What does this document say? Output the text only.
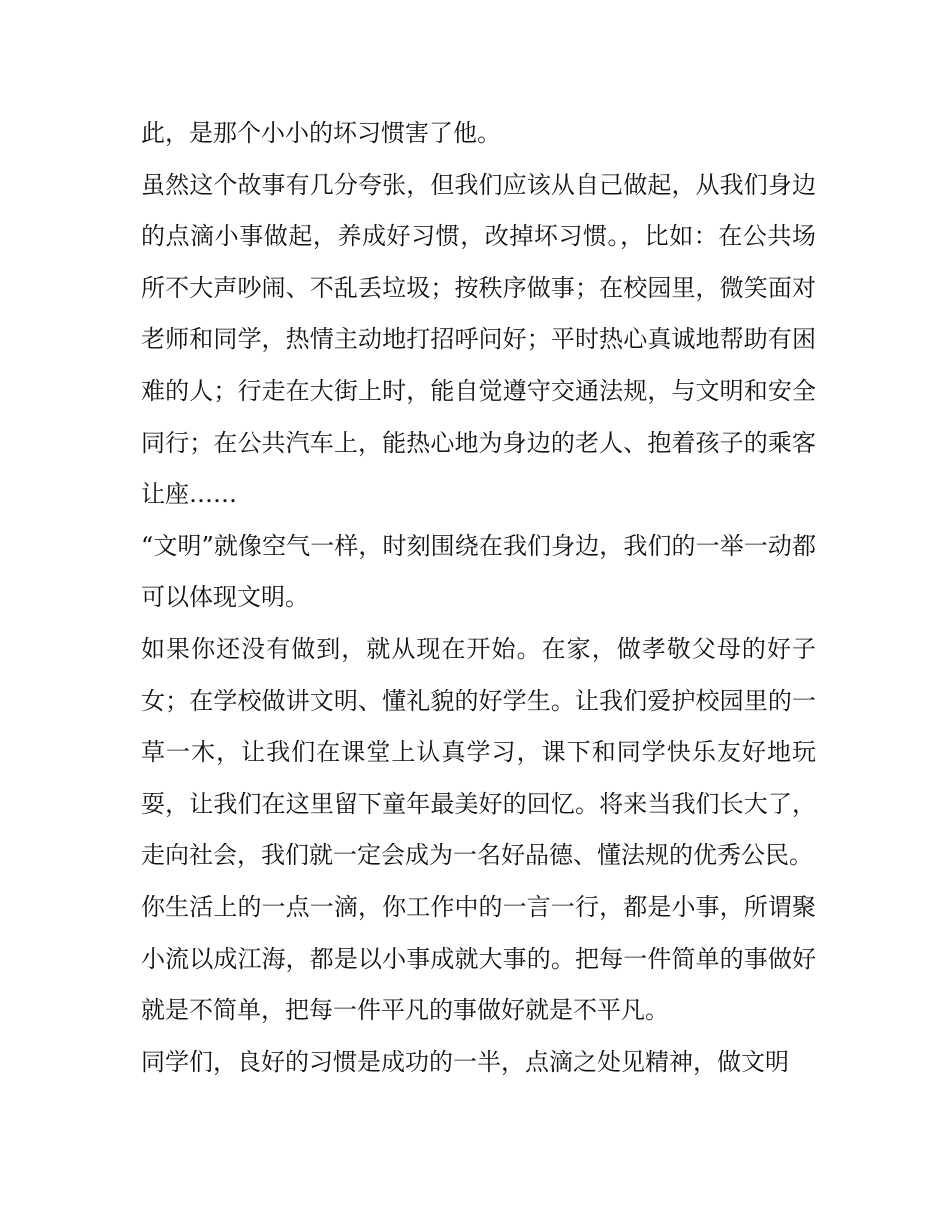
此，是那个小小的坏习惯害了他。

虽然这个故事有几分夸张，但我们应该从自己做起，从我们身边的点滴小事做起，养成好习惯，改掉坏习惯。，比如：在公共场所不大声吵闹、不乱丢垃圾；按秩序做事；在校园里，微笑面对老师和同学，热情主动地打招呼问好；平时热心真诚地帮助有困难的人；行走在大街上时，能自觉遵守交通法规，与文明和安全同行；在公共汽车上，能热心地为身边的老人、抱着孩子的乘客让座……

“文明”就像空气一样，时刻围绕在我们身边，我们的一举一动都可以体现文明。

如果你还没有做到，就从现在开始。在家，做孝敬父母的好子女；在学校做讲文明、懂礼貌的好学生。让我们爱护校园里的一草一木，让我们在课堂上认真学习，课下和同学快乐友好地玩耍，让我们在这里留下童年最美好的回忆。将来当我们长大了，走向社会，我们就一定会成为一名好品德、懂法规的优秀公民。

你生活上的一点一滴，你工作中的一言一行，都是小事，所谓聚小流以成江海，都是以小事成就大事的。把每一件简单的事做好就是不简单，把每一件平凡的事做好就是不平凡。

同学们，良好的习惯是成功的一半，点滴之处见精神，做文明
